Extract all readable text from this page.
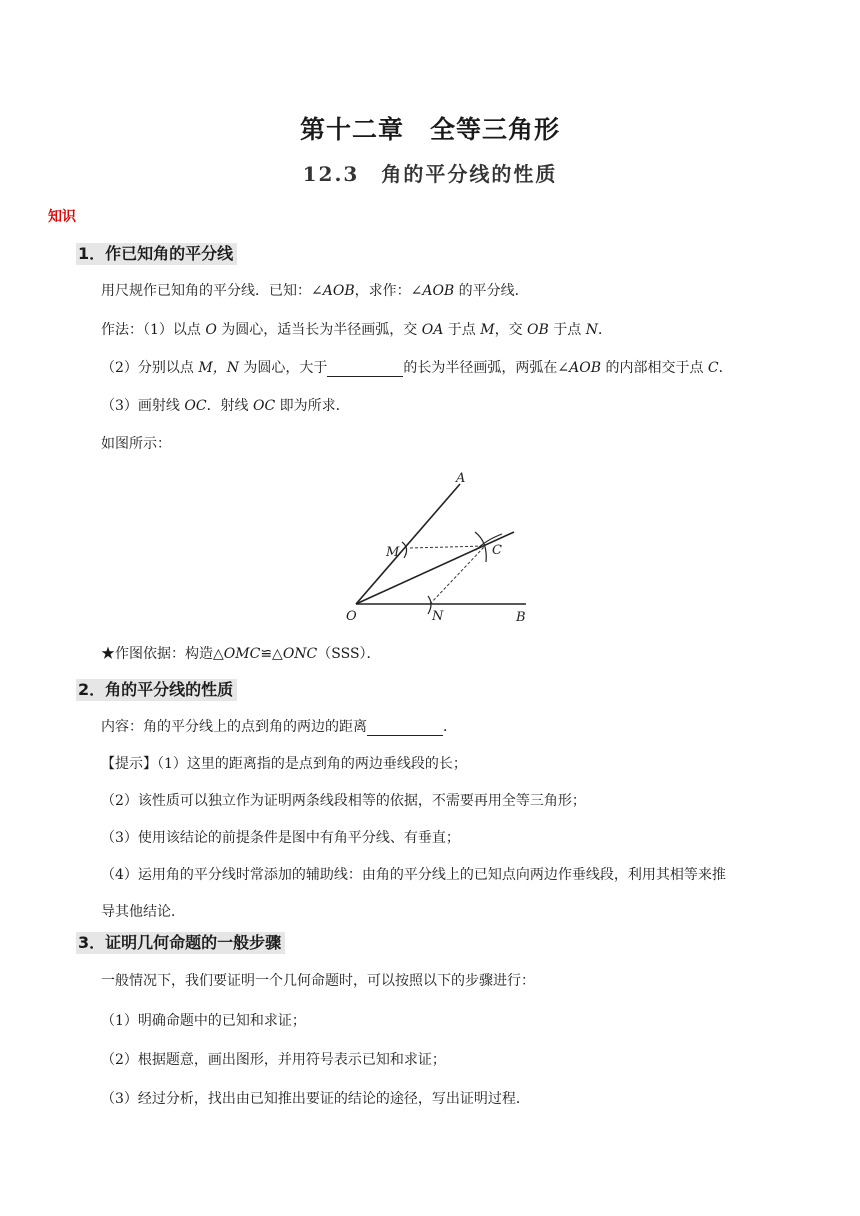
第十二章 全等三角形
12.3 角的平分线的性质
知识
1．作已知角的平分线
用尺规作已知角的平分线．已知：∠AOB，求作：∠AOB 的平分线．
作法：（1）以点 O 为圆心，适当长为半径画弧，交 OA 于点 M，交 OB 于点 N．
（2）分别以点 M，N 为圆心，大于	的长为半径画弧，两弧在∠AOB 的内部相交于点 C．
（3）画射线 OC．射线 OC 即为所求．
如图所示：
A
M	C
O	N	B
★作图依据：构造△OMC≌△ONC（SSS）．
2．角的平分线的性质
内容：角的平分线上的点到角的两边的距离	．
【提示】（1）这里的距离指的是点到角的两边垂线段的长；
（2）该性质可以独立作为证明两条线段相等的依据，不需要再用全等三角形；
（3）使用该结论的前提条件是图中有角平分线、有垂直；
（4）运用角的平分线时常添加的辅助线：由角的平分线上的已知点向两边作垂线段，利用其相等来推
导其他结论．
3．证明几何命题的一般步骤
一般情况下，我们要证明一个几何命题时，可以按照以下的步骤进行：
（1）明确命题中的已知和求证；
（2）根据题意，画出图形，并用符号表示已知和求证；
（3）经过分析，找出由已知推出要证的结论的途径，写出证明过程．
